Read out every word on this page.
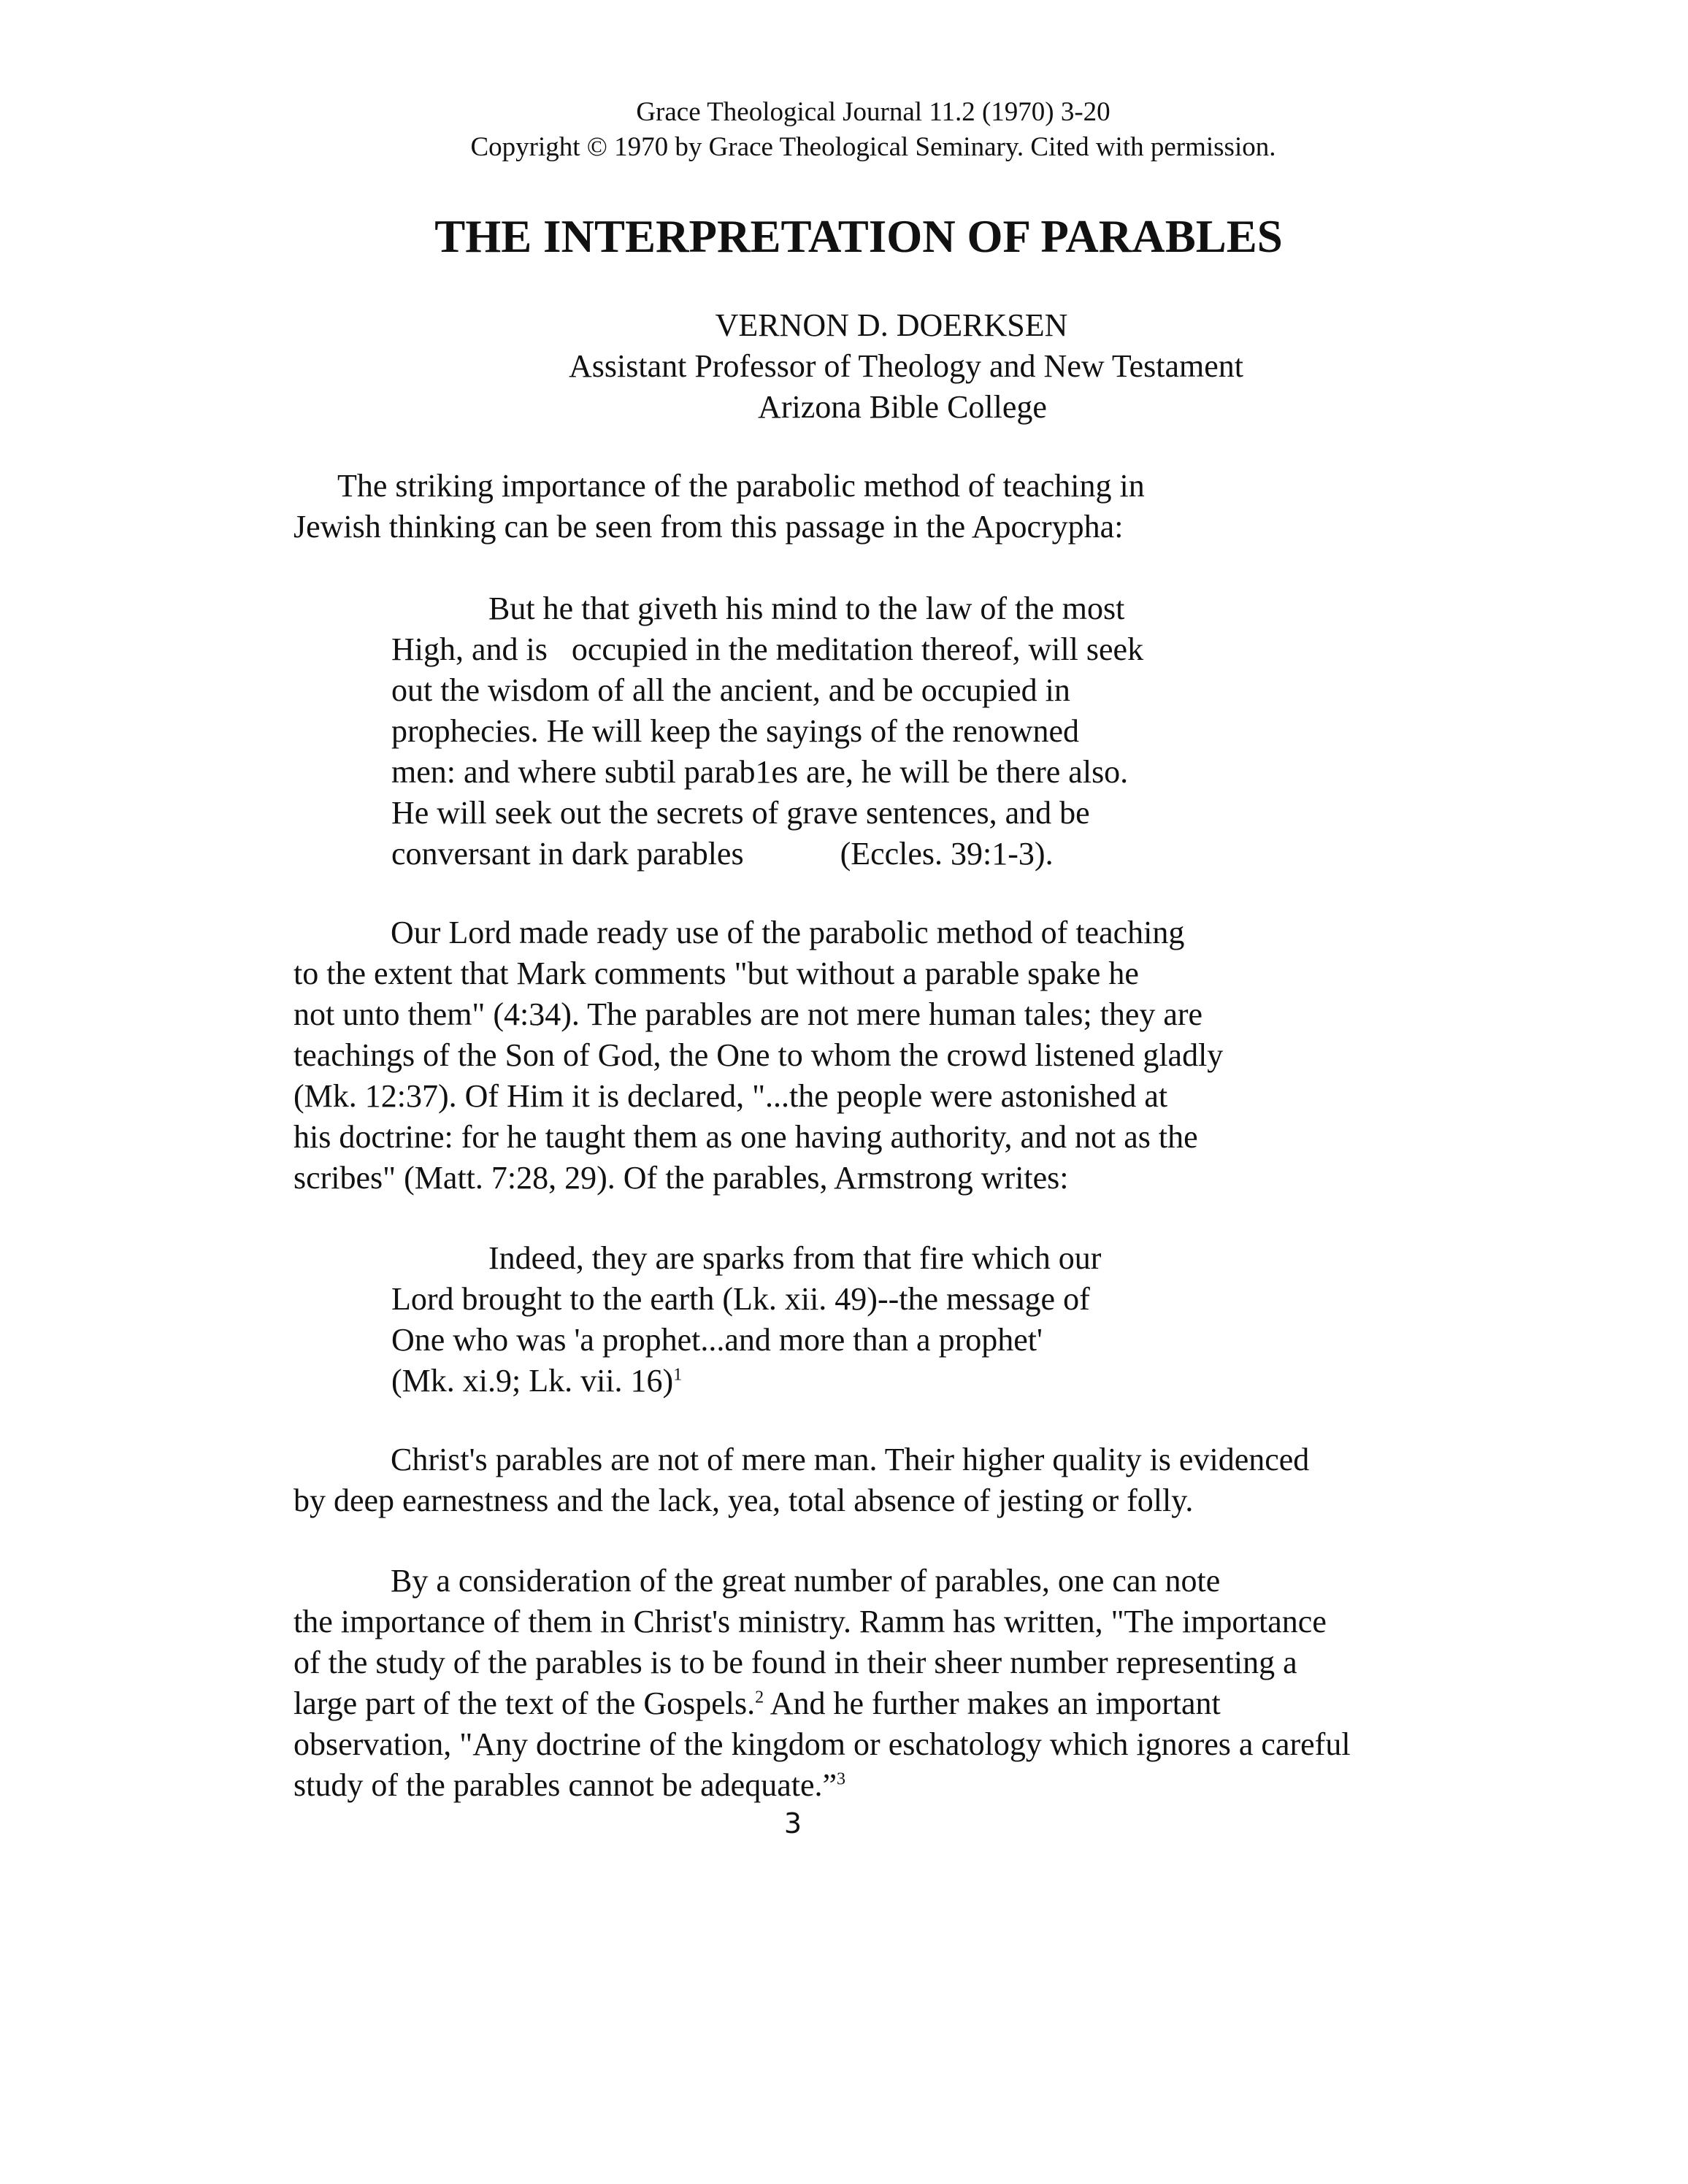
Grace Theological Journal 11.2 (1970) 3-20
Copyright © 1970 by Grace Theological Seminary. Cited with permission.
THE INTERPRETATION OF PARABLES
VERNON D. DOERKSEN
Assistant Professor of Theology and New Testament
Arizona Bible College
The striking importance of the parabolic method of teaching in
Jewish thinking can be seen from this passage in the Apocrypha:
But he that giveth his mind to the law of the most
High, and is   occupied in the meditation thereof, will seek
out the wisdom of all the ancient, and be occupied in
prophecies. He will keep the sayings of the renowned
men: and where subtil parab1es are, he will be there also.
He will seek out the secrets of grave sentences, and be
conversant in dark parables            (Eccles. 39:1-3).
Our Lord made ready use of the parabolic method of teaching
to the extent that Mark comments "but without a parable spake he
not unto them" (4:34). The parables are not mere human tales; they are
teachings of the Son of God, the One to whom the crowd listened gladly
(Mk. 12:37). Of Him it is declared, "...the people were astonished at
his doctrine: for he taught them as one having authority, and not as the
scribes" (Matt. 7:28, 29). Of the parables, Armstrong writes:
Indeed, they are sparks from that fire which our
Lord brought to the earth (Lk. xii. 49)--the message of
One who was 'a prophet...and more than a prophet'
(Mk. xi.9; Lk. vii. 16)$^1$
Christ's parables are not of mere man. Their higher quality is evidenced
by deep earnestness and the lack, yea, total absence of jesting or folly.
By a consideration of the great number of parables, one can note
the importance of them in Christ's ministry. Ramm has written, "The importance
of the study of the parables is to be found in their sheer number representing a
large part of the text of the Gospels.$^2$ And he further makes an important
observation, "Any doctrine of the kingdom or eschatology which ignores a careful
study of the parables cannot be adequate.”$^3$
3
